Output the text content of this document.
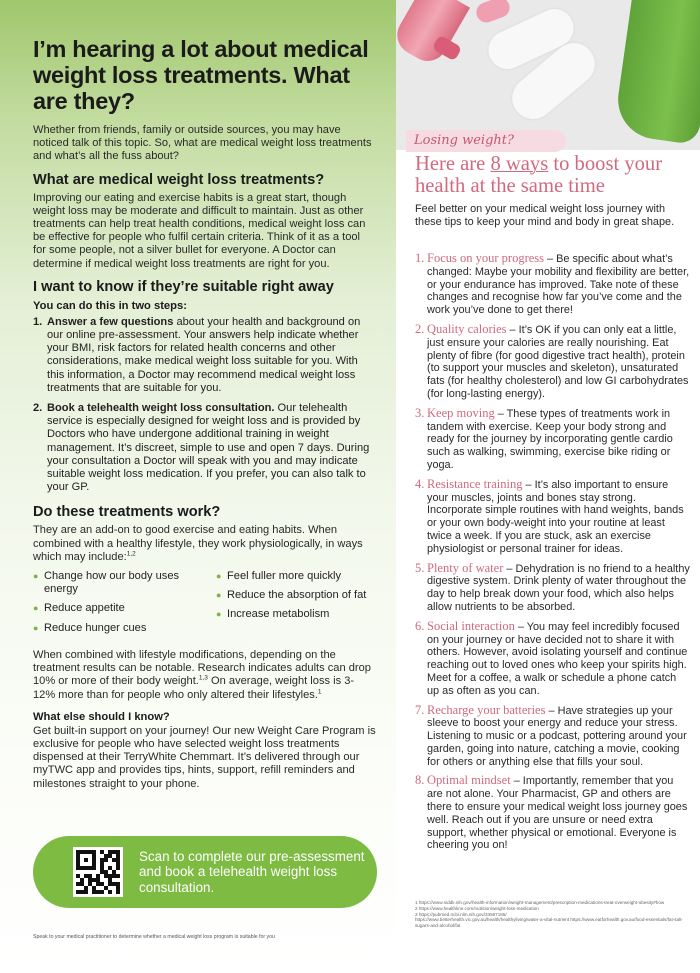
I’m hearing a lot about medical weight loss treatments. What are they?

Whether from friends, family or outside sources, you may have noticed talk of this topic. So, what are medical weight loss treatments and what’s all the fuss about?

What are medical weight loss treatments?

Improving our eating and exercise habits is a great start, though weight loss may be moderate and difficult to maintain. Just as other treatments can help treat health conditions, medical weight loss can be effective for people who fulfil certain criteria. Think of it as a tool for some people, not a silver bullet for everyone. A Doctor can determine if medical weight loss treatments are right for you.

I want to know if they’re suitable right away
You can do this in two steps:
1. Answer a few questions about your health and background on our online pre-assessment. Your answers help indicate whether your BMI, risk factors for related health concerns and other considerations, make medical weight loss suitable for you. With this information, a Doctor may recommend medical weight loss treatments that are suitable for you.
2. Book a telehealth weight loss consultation. Our telehealth service is especially designed for weight loss and is provided by Doctors who have undergone additional training in weight management. It’s discreet, simple to use and open 7 days. During your consultation a Doctor will speak with you and may indicate suitable weight loss medication. If you prefer, you can also talk to your GP.
Do these treatments work?

They are an add-on to good exercise and eating habits. When combined with a healthy lifestyle, they work physiologically, in ways which may include:$^{1,2}$

● Change how our body uses energy
● Reduce appetite
● Reduce hunger cues
● Feel fuller more quickly
● Reduce the absorption of fat
● Increase metabolism

When combined with lifestyle modifications, depending on the treatment results can be notable. Research indicates adults can drop 10% or more of their body weight.$^{1,3}$ On average, weight loss is 3-12% more than for people who only altered their lifestyles.$^1$

What else should I know?

Get built-in support on your journey! Our new Weight Care Program is exclusive for people who have selected weight loss treatments dispensed at their TerryWhite Chemmart. It’s delivered through our myTWC app and provides tips, hints, support, refill reminders and milestones straight to your phone.

Scan to complete our pre-assessment and book a telehealth weight loss consultation.
Speak to your medical practitioner to determine whether a medical weight loss program is suitable for you
Losing weight?
Here are 8 ways to boost your health at the same time

Feel better on your medical weight loss journey with these tips to keep your mind and body in great shape.

1. Focus on your progress – Be specific about what’s changed: Maybe your mobility and flexibility are better, or your endurance has improved. Take note of these changes and recognise how far you’ve come and the work you’ve done to get there!
2. Quality calories – It’s OK if you can only eat a little, just ensure your calories are really nourishing. Eat plenty of fibre (for good digestive tract health), protein (to support your muscles and skeleton), unsaturated fats (for healthy cholesterol) and low GI carbohydrates (for long-lasting energy).
3. Keep moving – These types of treatments work in tandem with exercise. Keep your body strong and ready for the journey by incorporating gentle cardio such as walking, swimming, exercise bike riding or yoga.
4. Resistance training – It’s also important to ensure your muscles, joints and bones stay strong. Incorporate simple routines with hand weights, bands or your own body-weight into your routine at least twice a week. If you are stuck, ask an exercise physiologist or personal trainer for ideas.
5. Plenty of water – Dehydration is no friend to a healthy digestive system. Drink plenty of water throughout the day to help break down your food, which also helps allow nutrients to be absorbed.
6. Social interaction – You may feel incredibly focused on your journey or have decided not to share it with others. However, avoid isolating yourself and continue reaching out to loved ones who keep your spirits high. Meet for a coffee, a walk or schedule a phone catch up as often as you can.
7. Recharge your batteries – Have strategies up your sleeve to boost your energy and reduce your stress. Listening to music or a podcast, pottering around your garden, going into nature, catching a movie, cooking for others or anything else that fills your soul.
8. Optimal mindset – Importantly, remember that you are not alone. Your Pharmacist, GP and others are there to ensure your medical weight loss journey goes well. Reach out if you are unsure or need extra support, whether physical or emotional. Everyone is cheering you on!
1 https://www.niddk.nih.gov/health-information/weight-management/prescription-medications-treat-overweight-obesity#how
2 https://www.healthline.com/nutrition/weight-loss-medication
3 https://pubmed.ncbi.nlm.nih.gov/33567185/
https://www.betterhealth.vic.gov.au/health/healthyliving/water-a-vital-nutrient https://www.eatforhealth.gov.au/food-essentials/fat-salt-sugars-and-alcohol/fat
